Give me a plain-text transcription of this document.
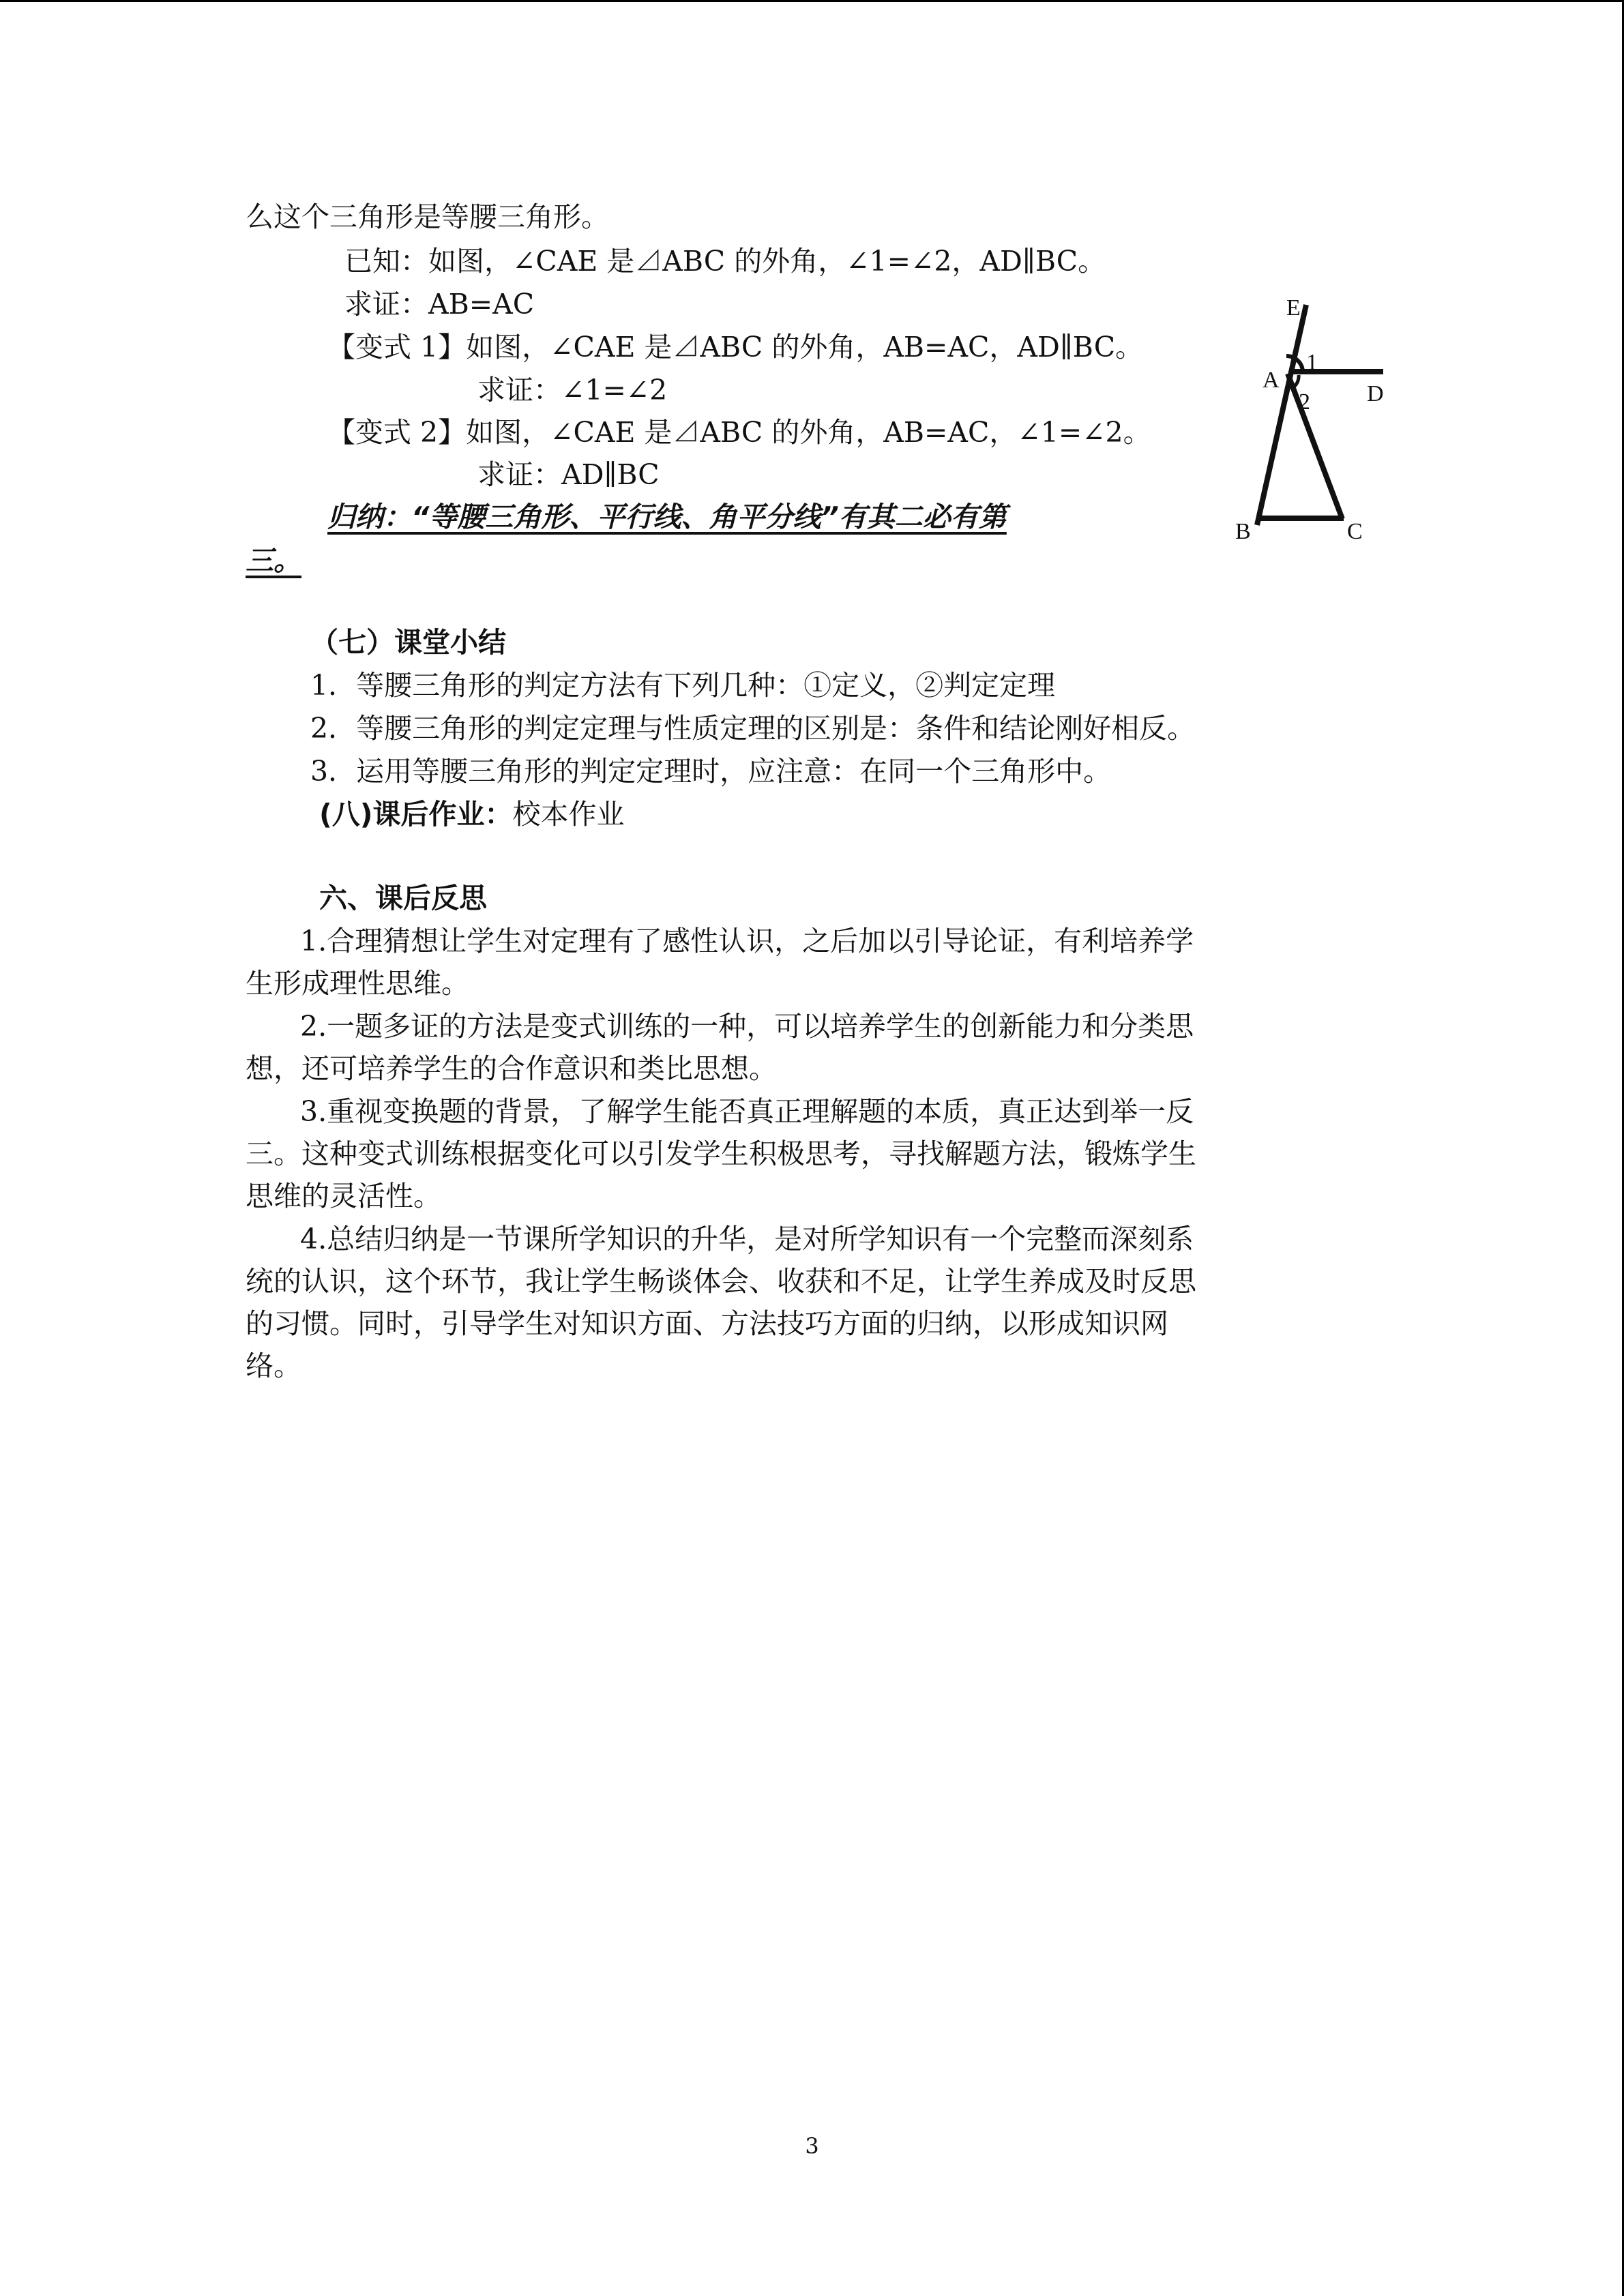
么这个三角形是等腰三角形。
已知：如图，∠CAE 是⊿ABC 的外角，∠1=∠2，AD∥BC。
求证：AB=AC
【变式 1】如图，∠CAE 是⊿ABC 的外角，AB=AC，AD∥BC。
求证：∠1=∠2
【变式 2】如图，∠CAE 是⊿ABC 的外角，AB=AC，∠1=∠2。
求证：AD∥BC
归纳：“等腰三角形、平行线、角平分线”有其二必有第
三。
E
A
1
2 D
B	C
（七）课堂小结
1．等腰三角形的判定方法有下列几种：①定义，②判定定理
2．等腰三角形的判定定理与性质定理的区别是：条件和结论刚好相反。
3．运用等腰三角形的判定定理时，应注意：在同一个三角形中。
(八)课后作业：校本作业
六、课后反思
1.合理猜想让学生对定理有了感性认识，之后加以引导论证，有利培养学
生形成理性思维。
2.一题多证的方法是变式训练的一种，可以培养学生的创新能力和分类思
想，还可培养学生的合作意识和类比思想。
3.重视变换题的背景，了解学生能否真正理解题的本质，真正达到举一反
三。这种变式训练根据变化可以引发学生积极思考，寻找解题方法，锻炼学生
思维的灵活性。
4.总结归纳是一节课所学知识的升华，是对所学知识有一个完整而深刻系
统的认识，这个环节，我让学生畅谈体会、收获和不足，让学生养成及时反思
的习惯。同时，引导学生对知识方面、方法技巧方面的归纳，以形成知识网
络。
3
